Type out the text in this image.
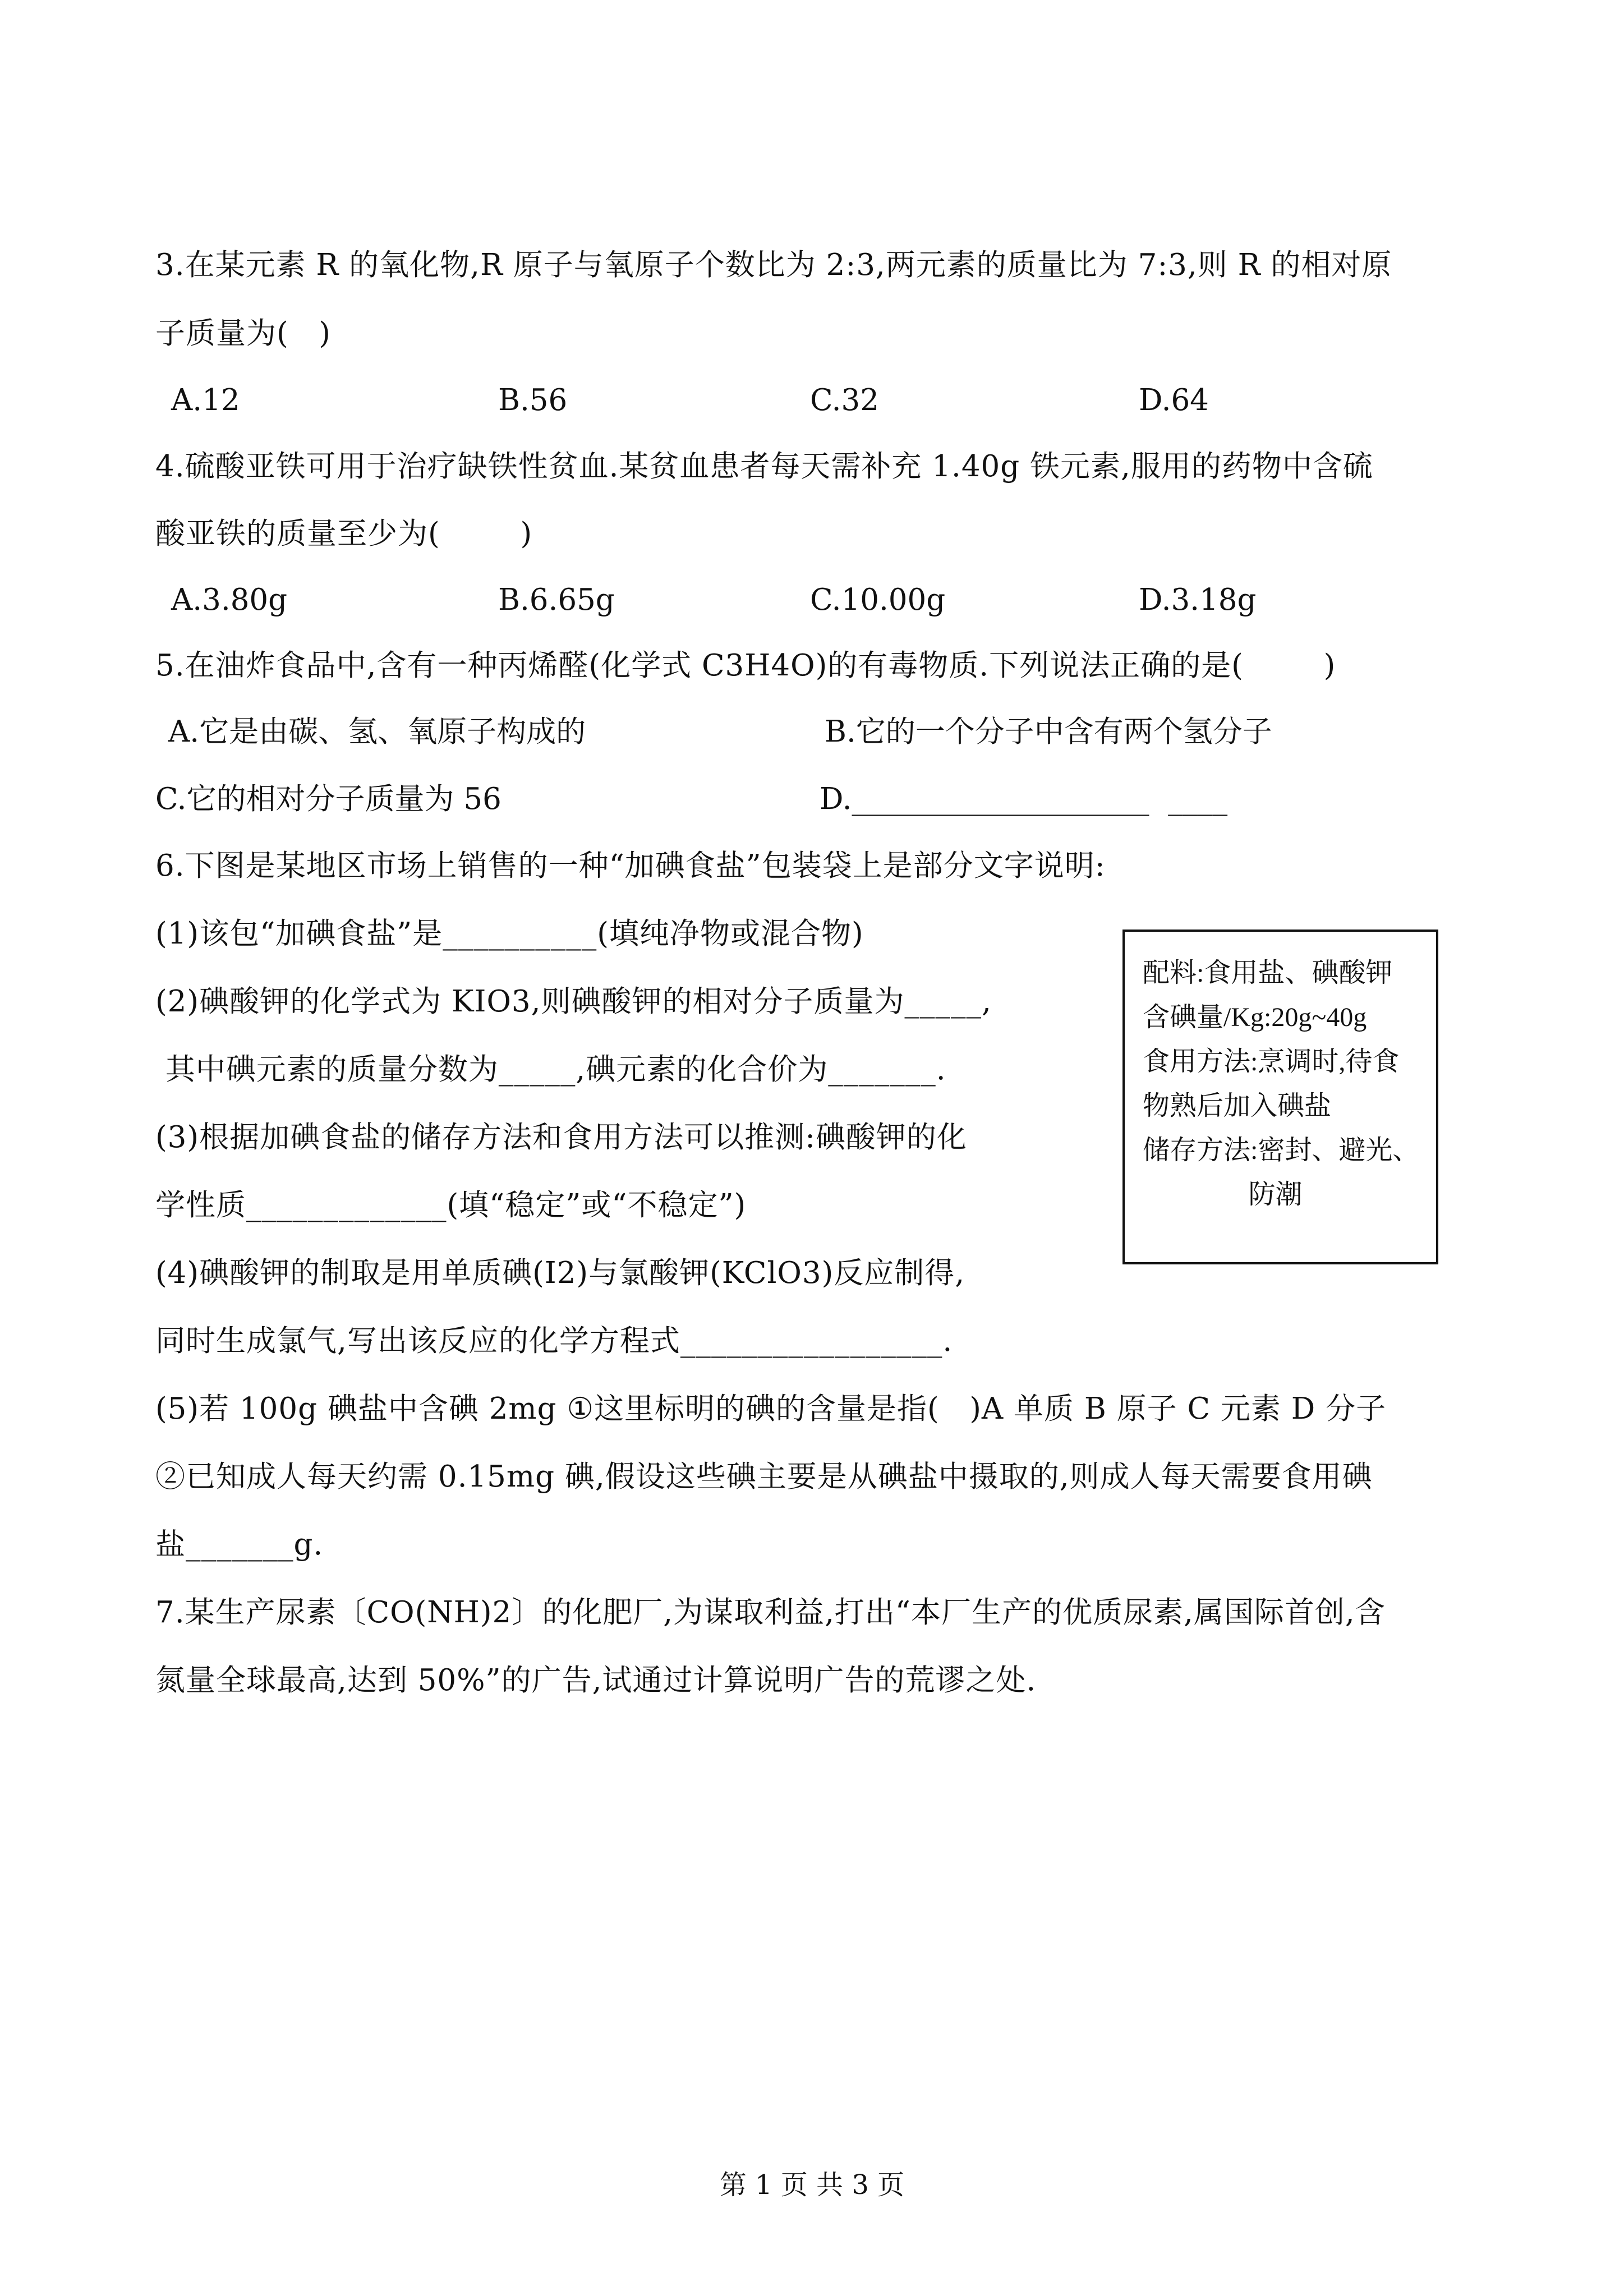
3.在某元素 R 的氧化物,R 原子与氧原子个数比为 2:3,两元素的质量比为 7:3,则 R 的相对原
子质量为(   )
A.12	B.56	C.32	D.64
4.硫酸亚铁可用于治疗缺铁性贫血.某贫血患者每天需补充 1.40g 铁元素,服用的药物中含硫
酸亚铁的质量至少为(        )
A.3.80g	B.6.65g	C.10.00g	D.3.18g
5.在油炸食品中,含有一种丙烯醛(化学式 C3H4O)的有毒物质.下列说法正确的是(        )
A.它是由碳、氢、氧原子构成的	B.它的一个分子中含有两个氢分子
C.它的相对分子质量为 56	D.____________________  ____
6.下图是某地区市场上销售的一种“加碘食盐”包装袋上是部分文字说明:
(1)该包“加碘食盐”是__________(填纯净物或混合物)
(2)碘酸钾的化学式为 KIO3,则碘酸钾的相对分子质量为_____,
其中碘元素的质量分数为_____,碘元素的化合价为_______.
(3)根据加碘食盐的储存方法和食用方法可以推测:碘酸钾的化
学性质_____________(填“稳定”或“不稳定”)
(4)碘酸钾的制取是用单质碘(I2)与氯酸钾(KClO3)反应制得,
同时生成氯气,写出该反应的化学方程式_________________.
(5)若 100g 碘盐中含碘 2mg ①这里标明的碘的含量是指(   )A 单质 B 原子 C 元素 D 分子
②已知成人每天约需 0.15mg 碘,假设这些碘主要是从碘盐中摄取的,则成人每天需要食用碘
盐_______g.
配料:食用盐、碘酸钾
含碘量/Kg:20g~40g
食用方法:烹调时,待食
物熟后加入碘盐
储存方法:密封、避光、
防潮
7.某生产尿素〔CO(NH)2〕的化肥厂,为谋取利益,打出“本厂生产的优质尿素,属国际首创,含
氮量全球最高,达到 50%”的广告,试通过计算说明广告的荒谬之处.
第 1 页 共 3 页
